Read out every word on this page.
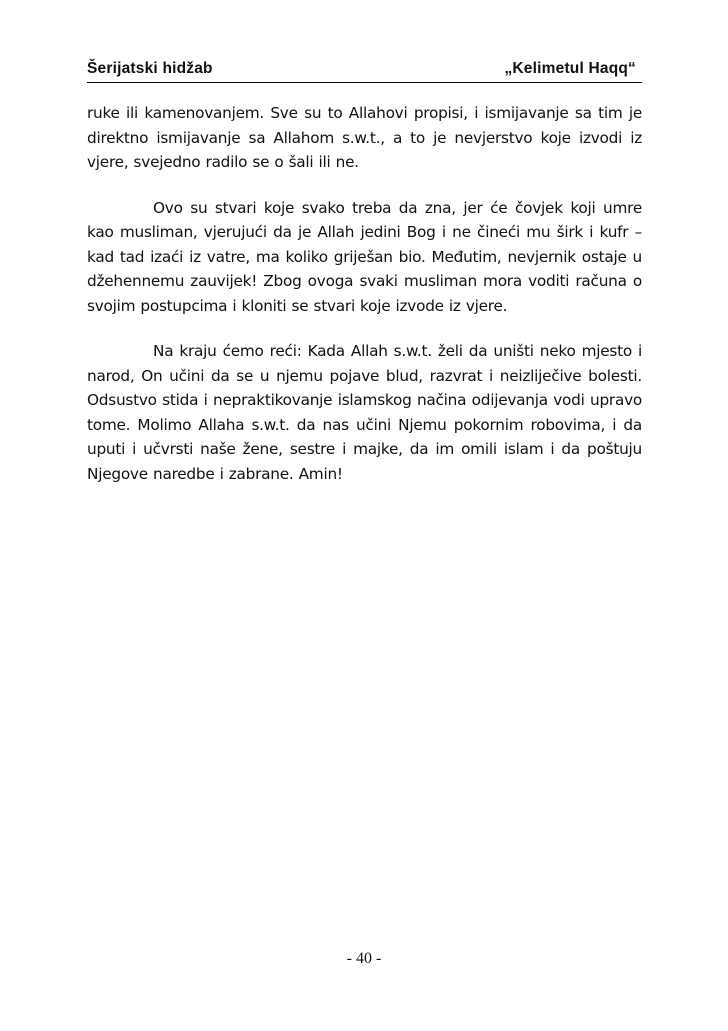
Šerijatski hidžab	„Kelimetul Haqq“

ruke ili kamenovanjem. Sve su to Allahovi propisi, i ismijavanje sa tim je direktno ismijavanje sa Allahom s.w.t., a to je nevjerstvo koje izvodi iz vjere, svejedno radilo se o šali ili ne.

Ovo su stvari koje svako treba da zna, jer će čovjek koji umre kao musliman, vjerujući da je Allah jedini Bog i ne čineći mu širk i kufr – kad tad izaći iz vatre, ma koliko griješan bio. Međutim, nevjernik ostaje u džehennemu zauvijek! Zbog ovoga svaki musliman mora voditi računa o svojim postupcima i kloniti se stvari koje izvode iz vjere.

Na kraju ćemo reći: Kada Allah s.w.t. želi da uništi neko mjesto i narod, On učini da se u njemu pojave blud, razvrat i neizliječive bolesti. Odsustvo stida i nepraktikovanje islamskog načina odijevanja vodi upravo tome. Molimo Allaha s.w.t. da nas učini Njemu pokornim robovima, i da uputi i učvrsti naše žene, sestre i majke, da im omili islam i da poštuju Njegove naredbe i zabrane. Amin!

- 40 -
